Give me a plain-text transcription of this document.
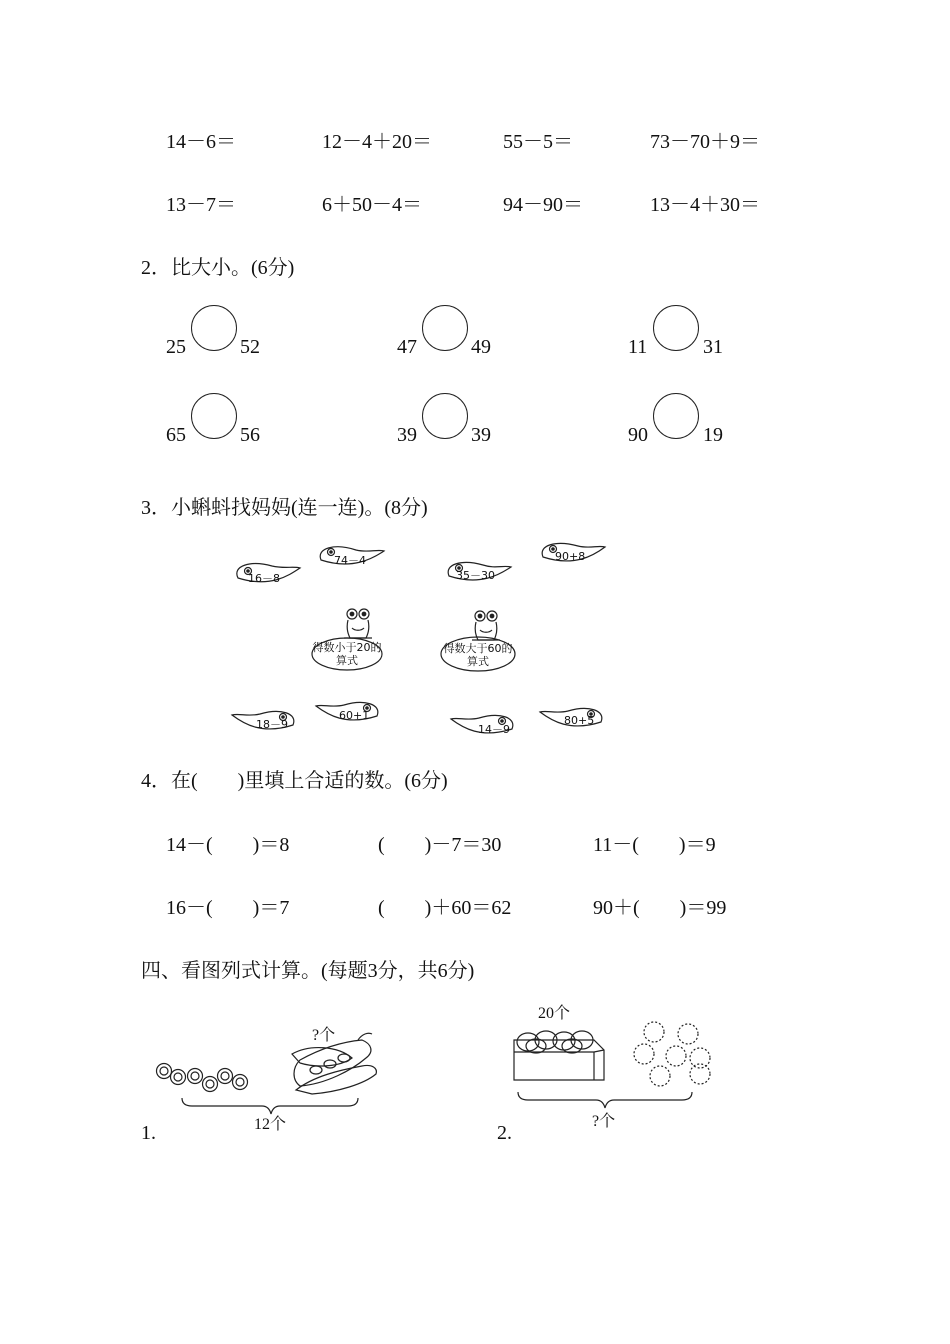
14－6＝	12－4＋20＝	55－5＝	73－70＋9＝
13－7＝	6＋50－4＝	94－90＝	13－4＋30＝
2．比大小。(6分)
25	52	47	49	11	31
65	56	39	39	90	19
3．小蝌蚪找妈妈(连一连)。(8分)
16－8
74－4
35－30
90+8
18－9
60+1
14－9
80+5
得数小于20的算式
得数大于60的算式
4．在(　　)里填上合适的数。(6分)
14－(　　)＝8	(　　)－7＝30	11－(　　)＝9
16－(　　)＝7	(　　)＋60＝62	90＋(　　)＝99
四、看图列式计算。(每题3分，共6分)
?个
12个
1.
20个
?个
2.
